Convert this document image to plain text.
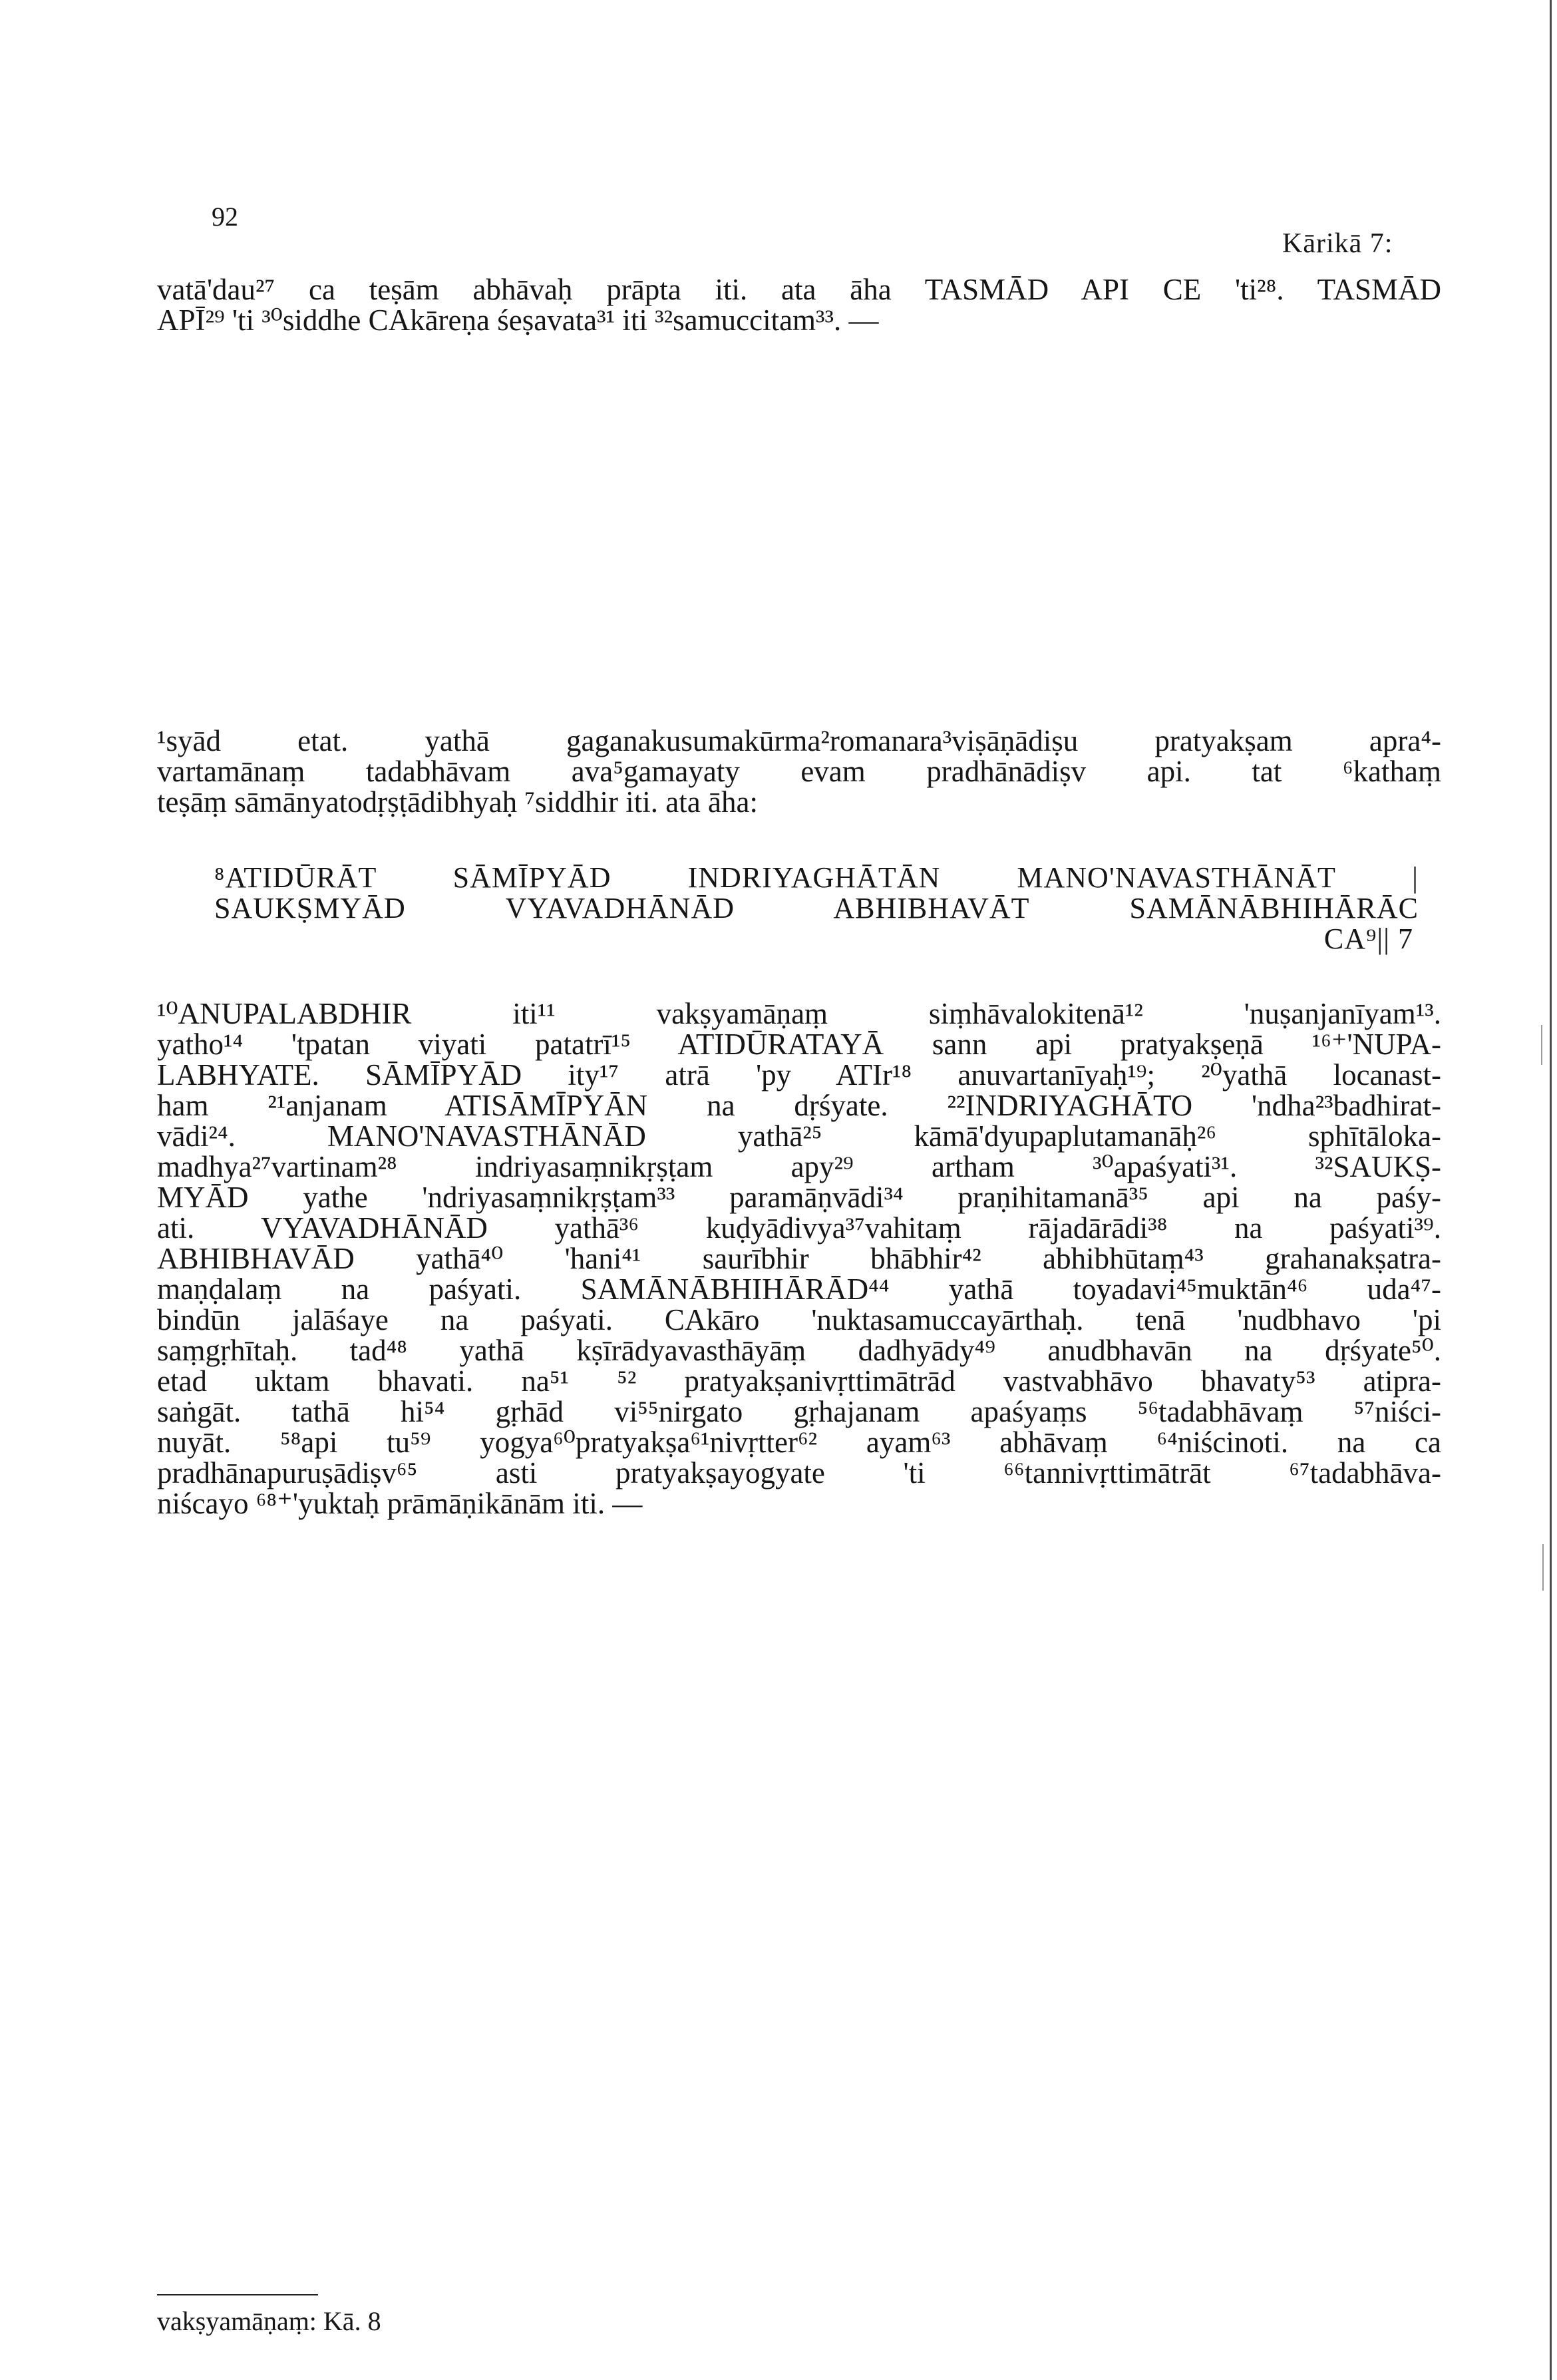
92
Kārikā 7:
vatā'dau²⁷ ca teṣām abhāvaḥ prāpta iti. ata āha TASMĀD API CE 'ti²⁸. TASMĀD
APĪ²⁹ 'ti ³⁰siddhe CAkāreṇa śeṣavata³¹ iti ³²samuccitam³³. —
¹syād etat. yathā gaganakusumakūrma²romanara³viṣāṇādiṣu pratyakṣam apra⁴-
vartamānaṃ tadabhāvam ava⁵gamayaty evam pradhānādiṣv api. tat ⁶kathaṃ
teṣāṃ sāmānyatodṛṣṭādibhyaḥ ⁷siddhir iti. ata āha:
⁸ATIDŪRĀT SĀMĪPYĀD INDRIYAGHĀTĀN MANO'NAVASTHĀNĀT |
SAUKṢMYĀD VYAVADHĀNĀD ABHIBHAVĀT SAMĀNĀBHIHĀRĀC
CA⁹|| 7
¹⁰ANUPALABDHIR iti¹¹ vakṣyamāṇaṃ siṃhāvalokitenā¹² 'nuṣanjanīyam¹³.
yatho¹⁴ 'tpatan viyati patatrī¹⁵ ATIDŪRATAYĀ sann api pratyakṣeṇā ¹⁶⁺'NUPA-
LABHYATE. SĀMĪPYĀD ity¹⁷ atrā 'py ATIr¹⁸ anuvartanīyaḥ¹⁹; ²⁰yathā locanast-
ham ²¹anjanam ATISĀMĪPYĀN na dṛśyate. ²²INDRIYAGHĀTO 'ndha²³badhirat-
vādi²⁴. MANO'NAVASTHĀNĀD yathā²⁵ kāmā'dyupaplutamanāḥ²⁶ sphītāloka-
madhya²⁷vartinam²⁸ indriyasaṃnikṛṣṭam apy²⁹ artham ³⁰apaśyati³¹. ³²SAUKṢ-
MYĀD yathe 'ndriyasaṃnikṛṣṭam³³ paramāṇvādi³⁴ praṇihitamanā³⁵ api na paśy-
ati. VYAVADHĀNĀD yathā³⁶ kuḍyādivya³⁷vahitaṃ rājadārādi³⁸ na paśyati³⁹.
ABHIBHAVĀD yathā⁴⁰ 'hani⁴¹ saurībhir bhābhir⁴² abhibhūtaṃ⁴³ grahanakṣatra-
maṇḍalaṃ na paśyati. SAMĀNĀBHIHĀRĀD⁴⁴ yathā toyadavi⁴⁵muktān⁴⁶ uda⁴⁷-
bindūn jalāśaye na paśyati. CAkāro 'nuktasamuccayārthaḥ. tenā 'nudbhavo 'pi
saṃgṛhītaḥ. tad⁴⁸ yathā kṣīrādyavasthāyāṃ dadhyādy⁴⁹ anudbhavān na dṛśyate⁵⁰.
etad uktam bhavati. na⁵¹ ⁵² pratyakṣanivṛttimātrād vastvabhāvo bhavaty⁵³ atipra-
saṅgāt. tathā hi⁵⁴ gṛhād vi⁵⁵nirgato gṛhajanam apaśyaṃs ⁵⁶tadabhāvaṃ ⁵⁷niści-
nuyāt. ⁵⁸api tu⁵⁹ yogya⁶⁰pratyakṣa⁶¹nivṛtter⁶² ayam⁶³ abhāvaṃ ⁶⁴niścinoti. na ca
pradhānapuruṣādiṣv⁶⁵ asti pratyakṣayogyate 'ti ⁶⁶tannivṛttimātrāt ⁶⁷tadabhāva-
niścayo ⁶⁸⁺'yuktaḥ prāmāṇikānām iti. —
vakṣyamāṇaṃ: Kā. 8
